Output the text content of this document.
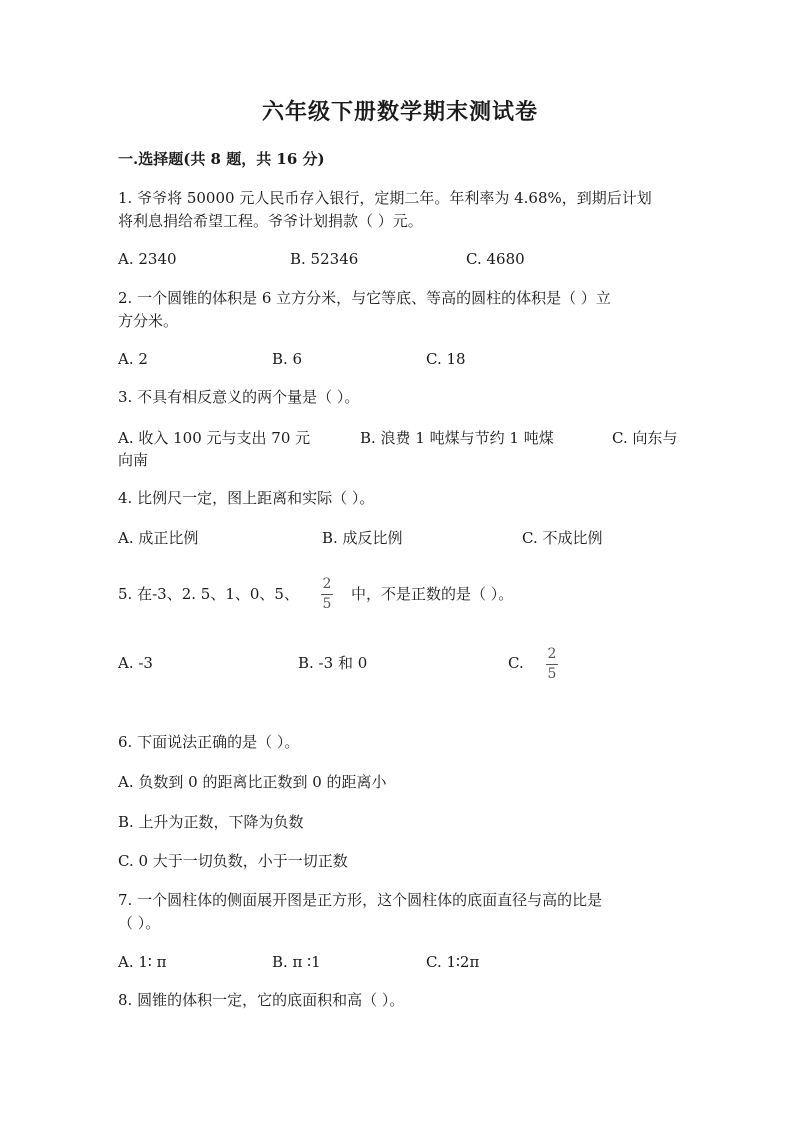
六年级下册数学期末测试卷
一.选择题(共 8 题，共 16 分)
1. 爷爷将 50000 元人民币存入银行，定期二年。年利率为 4.68%，到期后计划
将利息捐给希望工程。爷爷计划捐款（ ）元。
A. 2340	B. 52346	C. 4680
2. 一个圆锥的体积是 6 立方分米，与它等底、等高的圆柱的体积是（ ）立
方分米。
A. 2	B. 6	C. 18
3. 不具有相反意义的两个量是（ ）。
A. 收入 100 元与支出 70 元	B. 浪费 1 吨煤与节约 1 吨煤	C. 向东与
向南
4. 比例尺一定，图上距离和实际（ ）。
A. 成正比例	B. 成反比例	C. 不成比例
5. 在-3、2. 5、1、0、5、 $\frac{2}{5}$ 中，不是正数的是（ ）。
A. -3	B. -3 和 0	C. $\frac{2}{5}$
6. 下面说法正确的是（ ）。
A. 负数到 0 的距离比正数到 0 的距离小
B. 上升为正数，下降为负数
C. 0 大于一切负数，小于一切正数
7. 一个圆柱体的侧面展开图是正方形，这个圆柱体的底面直径与高的比是
（ ）。
A. 1∶ π	B. π ∶1	C. 1∶2π
8. 圆锥的体积一定，它的底面积和高（ ）。
